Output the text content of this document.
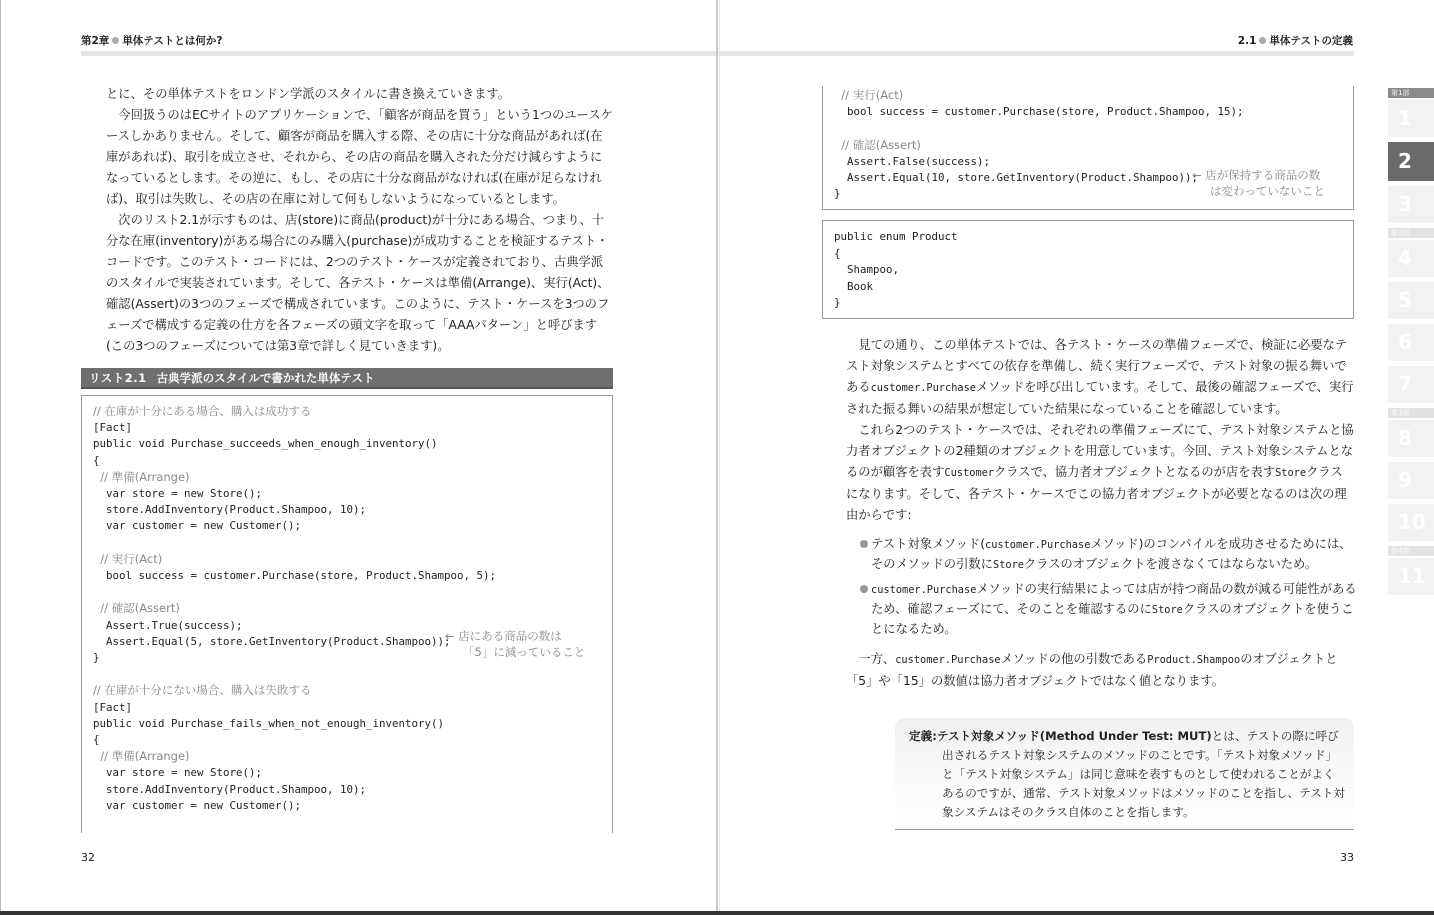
第2章 単体テストとは何か?

とに、その単体テストをロンドン学派のスタイルに書き換えていきます。

今回扱うのはECサイトのアプリケーションで、「顧客が商品を買う」という1つのユースケースしかありません。そして、顧客が商品を購入する際、その店に十分な商品があれば(在庫があれば)、取引を成立させ、それから、その店の商品を購入された分だけ減らすようになっているとします。その逆に、もし、その店に十分な商品がなければ(在庫が足らなければ)、取引は失敗し、その店の在庫に対して何もしないようになっているとします。

次のリスト2.1が示すものは、店(store)に商品(product)が十分にある場合、つまり、十分な在庫(inventory)がある場合にのみ購入(purchase)が成功することを検証するテスト・コードです。このテスト・コードには、2つのテスト・ケースが定義されており、古典学派のスタイルで実装されています。そして、各テスト・ケースは準備(Arrange)、実行(Act)、確認(Assert)の3つのフェーズで構成されています。このように、テスト・ケースを3つのフェーズで構成する定義の仕方を各フェーズの頭文字を取って「AAAパターン」と呼びます(この3つのフェーズについては第3章で詳しく見ていきます)。

リスト2.1 古典学派のスタイルで書かれた単体テスト
// 在庫が十分にある場合、購入は成功する
[Fact]
public void Purchase_succeeds_when_enough_inventory()
{
// 準備(Arrange)
var store = new Store();
store.AddInventory(Product.Shampoo, 10);
var customer = new Customer();

// 実行(Act)
bool success = customer.Purchase(store, Product.Shampoo, 5);

// 確認(Assert)
Assert.True(success);
Assert.Equal(5, store.GetInventory(Product.Shampoo));
}

// 在庫が十分にない場合、購入は失敗する
[Fact]
public void Purchase_fails_when_not_enough_inventory()
{
// 準備(Arrange)
var store = new Store();
store.AddInventory(Product.Shampoo, 10);
var customer = new Customer();
← 店にある商品の数は
「5」に減っていること
32
2.1 単体テストの定義
// 実行(Act)
bool success = customer.Purchase(store, Product.Shampoo, 15);

// 確認(Assert)
Assert.False(success);
Assert.Equal(10, store.GetInventory(Product.Shampoo));
}
← 店が保持する商品の数
は変わっていないこと
public enum Product
{
Shampoo,
Book
}

見ての通り、この単体テストでは、各テスト・ケースの準備フェーズで、検証に必要なテスト対象システムとすべての依存を準備し、続く実行フェーズで、テスト対象の振る舞いであるcustomer.Purchaseメソッドを呼び出しています。そして、最後の確認フェーズで、実行された振る舞いの結果が想定していた結果になっていることを確認しています。

これら2つのテスト・ケースでは、それぞれの準備フェーズにて、テスト対象システムと協力者オブジェクトの2種類のオブジェクトを用意しています。今回、テスト対象システムとなるのが顧客を表すCustomerクラスで、協力者オブジェクトとなるのが店を表すStoreクラスになります。そして、各テスト・ケースでこの協力者オブジェクトが必要となるのは次の理由からです:

テスト対象メソッド(customer.Purchaseメソッド)のコンパイルを成功させるためには、そのメソッドの引数にStoreクラスのオブジェクトを渡さなくてはならないため。
customer.Purchaseメソッドの実行結果によっては店が持つ商品の数が減る可能性があるため、確認フェーズにて、そのことを確認するのにStoreクラスのオブジェクトを使うことになるため。

一方、customer.Purchaseメソッドの他の引数であるProduct.Shampooのオブジェクトと「5」や「15」の数値は協力者オブジェクトではなく値となります。

定義:テスト対象メソッド(Method Under Test: MUT)とは、テストの際に呼び出されるテスト対象システムのメソッドのことです。「テスト対象メソッド」と「テスト対象システム」は同じ意味を表すものとして使われることがよくあるのですが、通常、テスト対象メソッドはメソッドのことを指し、テスト対象システムはそのクラス自体のことを指します。
33
第1部
1
2
3
第2部
4
5
6
7
第3部
8
9
10
第4部
11
